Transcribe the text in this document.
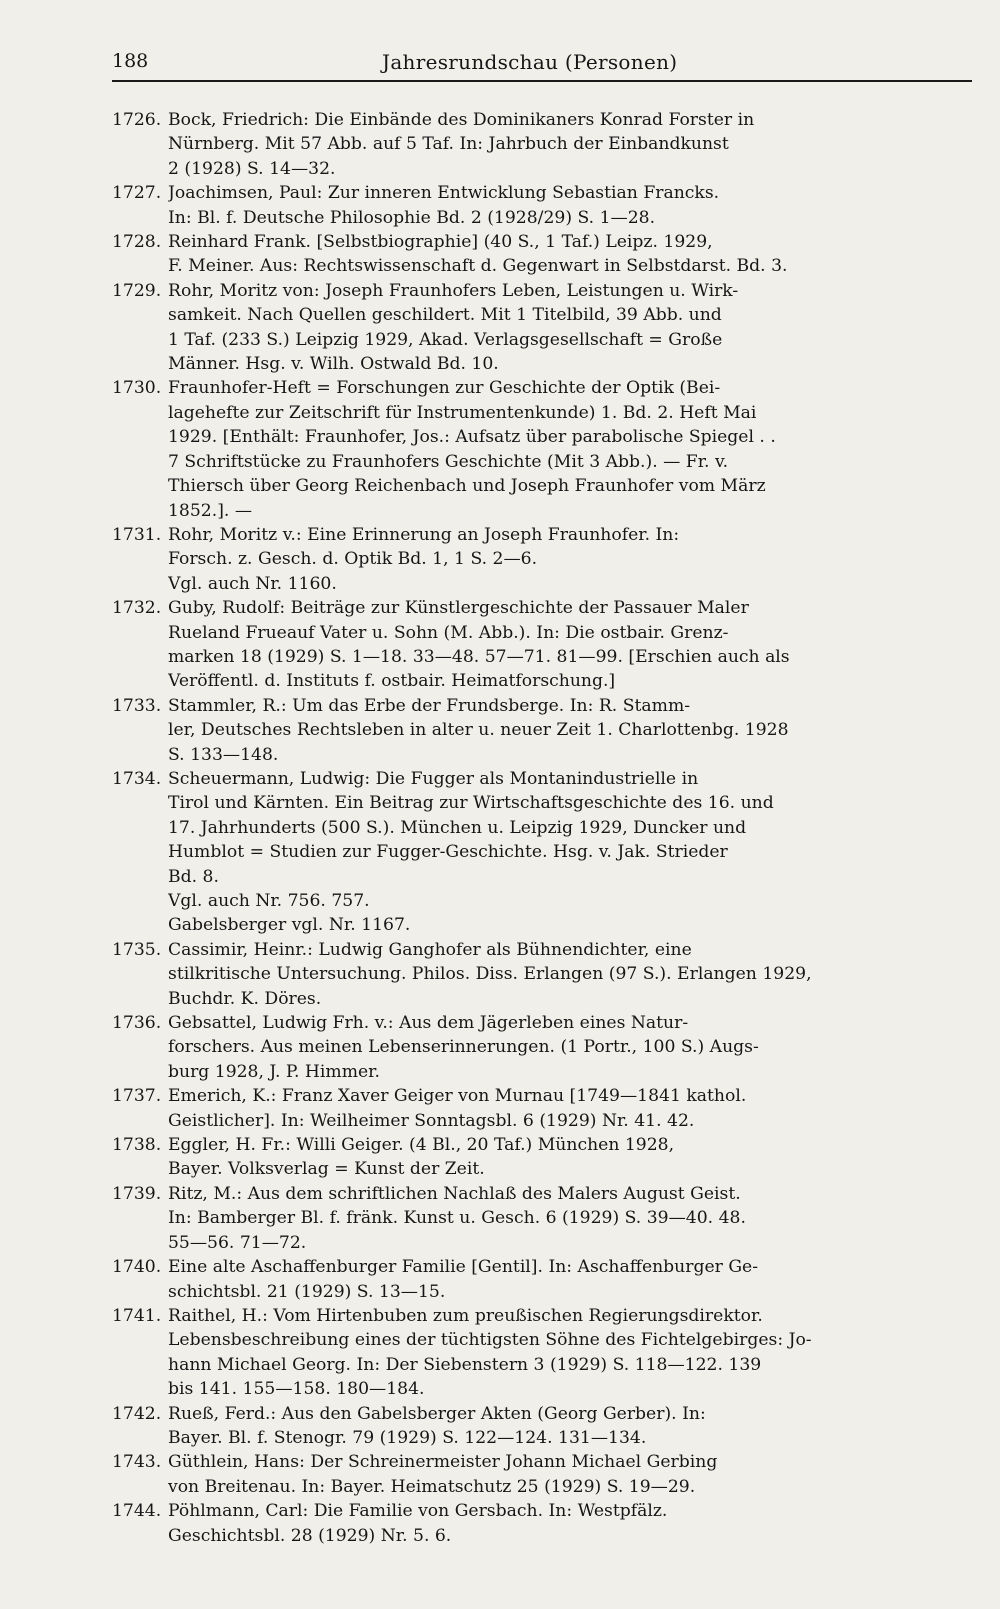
188	Jahresrundschau (Personen)
1726. Bock, Friedrich: Die Einbände des Dominikaners Konrad Forster in
Nürnberg. Mit 57 Abb. auf 5 Taf. In: Jahrbuch der Einbandkunst
2 (1928) S. 14—32.
1727. Joachimsen, Paul: Zur inneren Entwicklung Sebastian Francks.
In: Bl. f. Deutsche Philosophie Bd. 2 (1928/29) S. 1—28.
1728. Reinhard Frank. [Selbstbiographie] (40 S., 1 Taf.) Leipz. 1929,
F. Meiner. Aus: Rechtswissenschaft d. Gegenwart in Selbstdarst. Bd. 3.
1729. Rohr, Moritz von: Joseph Fraunhofers Leben, Leistungen u. Wirk-
samkeit. Nach Quellen geschildert. Mit 1 Titelbild, 39 Abb. und
1 Taf. (233 S.) Leipzig 1929, Akad. Verlagsgesellschaft = Große
Männer. Hsg. v. Wilh. Ostwald Bd. 10.
1730. Fraunhofer-Heft = Forschungen zur Geschichte der Optik (Bei-
lagehefte zur Zeitschrift für Instrumentenkunde) 1. Bd. 2. Heft Mai
1929. [Enthält: Fraunhofer, Jos.: Aufsatz über parabolische Spiegel . .
7 Schriftstücke zu Fraunhofers Geschichte (Mit 3 Abb.). — Fr. v.
Thiersch über Georg Reichenbach und Joseph Fraunhofer vom März
1852.]. —
1731. Rohr, Moritz v.: Eine Erinnerung an Joseph Fraunhofer. In:
Forsch. z. Gesch. d. Optik Bd. 1, 1 S. 2—6.
Vgl. auch Nr. 1160.
1732. Guby, Rudolf: Beiträge zur Künstlergeschichte der Passauer Maler
Rueland Frueauf Vater u. Sohn (M. Abb.). In: Die ostbair. Grenz-
marken 18 (1929) S. 1—18. 33—48. 57—71. 81—99. [Erschien auch als
Veröffentl. d. Instituts f. ostbair. Heimatforschung.]
1733. Stammler, R.: Um das Erbe der Frundsberge. In: R. Stamm-
ler, Deutsches Rechtsleben in alter u. neuer Zeit 1. Charlottenbg. 1928
S. 133—148.
1734. Scheuermann, Ludwig: Die Fugger als Montanindustrielle in
Tirol und Kärnten. Ein Beitrag zur Wirtschaftsgeschichte des 16. und
17. Jahrhunderts (500 S.). München u. Leipzig 1929, Duncker und
Humblot = Studien zur Fugger-Geschichte. Hsg. v. Jak. Strieder
Bd. 8.
Vgl. auch Nr. 756. 757.
Gabelsberger vgl. Nr. 1167.
1735. Cassimir, Heinr.: Ludwig Ganghofer als Bühnendichter, eine
stilkritische Untersuchung. Philos. Diss. Erlangen (97 S.). Erlangen 1929,
Buchdr. K. Döres.
1736. Gebsattel, Ludwig Frh. v.: Aus dem Jägerleben eines Natur-
forschers. Aus meinen Lebenserinnerungen. (1 Portr., 100 S.) Augs-
burg 1928, J. P. Himmer.
1737. Emerich, K.: Franz Xaver Geiger von Murnau [1749—1841 kathol.
Geistlicher]. In: Weilheimer Sonntagsbl. 6 (1929) Nr. 41. 42.
1738. Eggler, H. Fr.: Willi Geiger. (4 Bl., 20 Taf.) München 1928,
Bayer. Volksverlag = Kunst der Zeit.
1739. Ritz, M.: Aus dem schriftlichen Nachlaß des Malers August Geist.
In: Bamberger Bl. f. fränk. Kunst u. Gesch. 6 (1929) S. 39—40. 48.
55—56. 71—72.
1740. Eine alte Aschaffenburger Familie [Gentil]. In: Aschaffenburger Ge-
schichtsbl. 21 (1929) S. 13—15.
1741. Raithel, H.: Vom Hirtenbuben zum preußischen Regierungsdirektor.
Lebensbeschreibung eines der tüchtigsten Söhne des Fichtelgebirges: Jo-
hann Michael Georg. In: Der Siebenstern 3 (1929) S. 118—122. 139
bis 141. 155—158. 180—184.
1742. Rueß, Ferd.: Aus den Gabelsberger Akten (Georg Gerber). In:
Bayer. Bl. f. Stenogr. 79 (1929) S. 122—124. 131—134.
1743. Güthlein, Hans: Der Schreinermeister Johann Michael Gerbing
von Breitenau. In: Bayer. Heimatschutz 25 (1929) S. 19—29.
1744. Pöhlmann, Carl: Die Familie von Gersbach. In: Westpfälz.
Geschichtsbl. 28 (1929) Nr. 5. 6.
